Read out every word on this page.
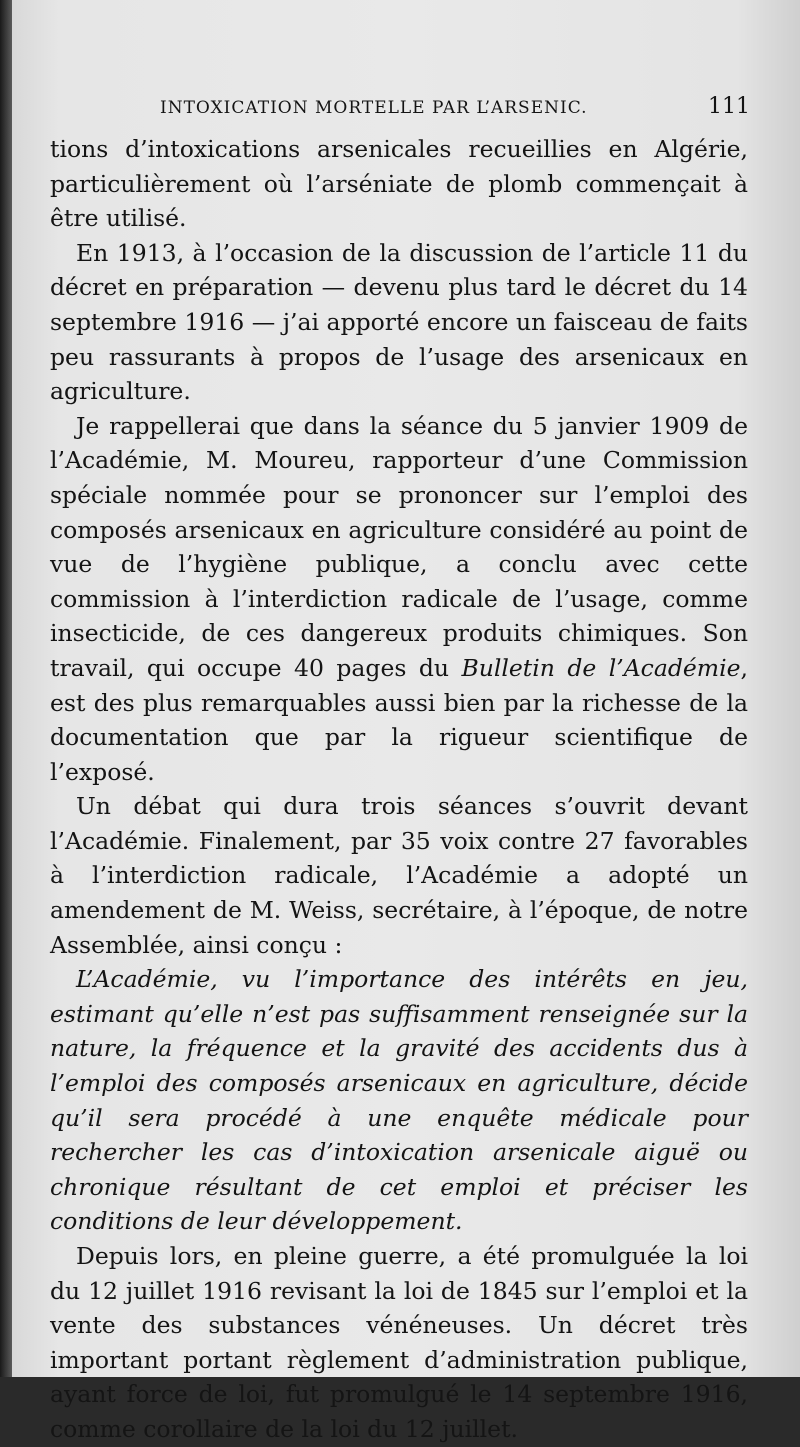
INTOXICATION MORTELLE PAR L’ARSENIC.	111

tions d’intoxications arsenicales recueillies en Algérie, particulièrement où l’arséniate de plomb commençait à être utilisé.

En 1913, à l’occasion de la discussion de l’article 11 du décret en préparation — devenu plus tard le décret du 14 septembre 1916 — j’ai apporté encore un faisceau de faits peu rassurants à propos de l’usage des arsenicaux en agriculture.

Je rappellerai que dans la séance du 5 janvier 1909 de l’Académie, M. Moureu, rapporteur d’une Commission spéciale nommée pour se prononcer sur l’emploi des composés arsenicaux en agriculture considéré au point de vue de l’hygiène publique, a conclu avec cette commission à l’interdiction radicale de l’usage, comme insecticide, de ces dangereux produits chimiques. Son travail, qui occupe 40 pages du Bulletin de l’Académie, est des plus remarquables aussi bien par la richesse de la documentation que par la rigueur scientifique de l’exposé.

Un débat qui dura trois séances s’ouvrit devant l’Académie. Finalement, par 35 voix contre 27 favorables à l’interdiction radicale, l’Académie a adopté un amendement de M. Weiss, secrétaire, à l’époque, de notre Assemblée, ainsi conçu :

L’Académie, vu l’importance des intérêts en jeu, estimant qu’elle n’est pas suffisamment renseignée sur la nature, la fréquence et la gravité des accidents dus à l’emploi des composés arsenicaux en agriculture, décide qu’il sera procédé à une enquête médicale pour rechercher les cas d’intoxication arsenicale aiguë ou chronique résultant de cet emploi et préciser les conditions de leur développement.

Depuis lors, en pleine guerre, a été promulguée la loi du 12 juillet 1916 revisant la loi de 1845 sur l’emploi et la vente des substances vénéneuses. Un décret très important portant règlement d’administration publique, ayant force de loi, fut promulgué le 14 septembre 1916, comme corollaire de la loi du 12 juillet.
